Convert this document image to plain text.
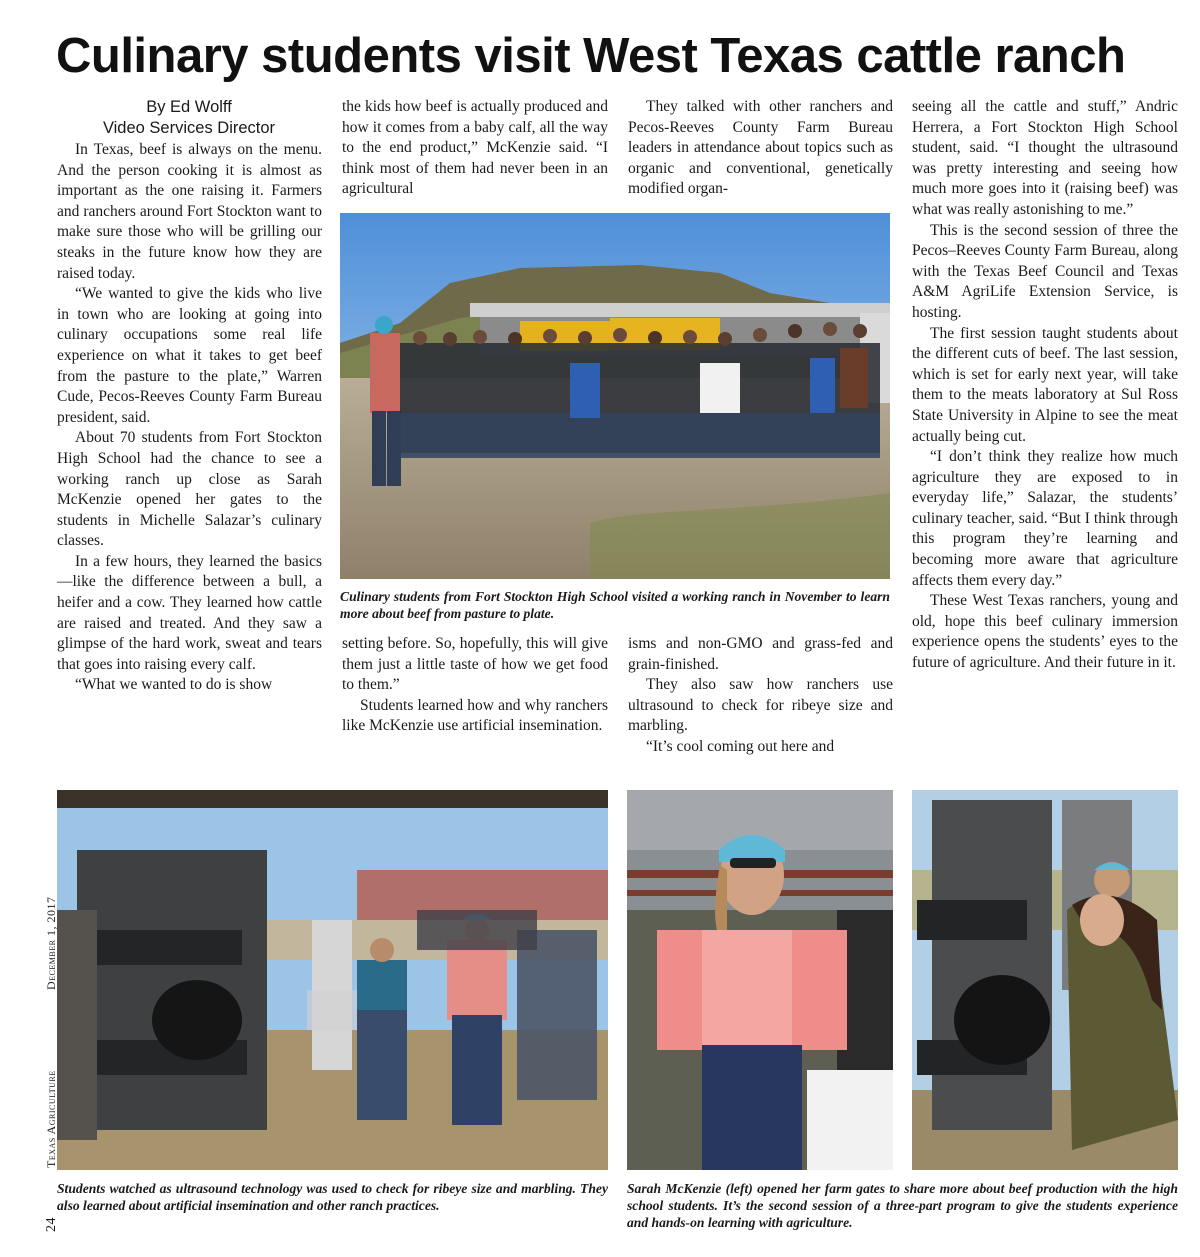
Culinary students visit West Texas cattle ranch
By Ed Wolff
Video Services Director

In Texas, beef is always on the menu. And the person cooking it is almost as important as the one raising it. Farmers and ranchers around Fort Stockton want to make sure those who will be grilling our steaks in the future know how they are raised today.

“We wanted to give the kids who live in town who are looking at going into culinary occupations some real life experience on what it takes to get beef from the pasture to the plate,” Warren Cude, Pecos-Reeves County Farm Bureau president, said.

About 70 students from Fort Stockton High School had the chance to see a working ranch up close as Sarah McKenzie opened her gates to the students in Michelle Salazar’s culinary classes.

In a few hours, they learned the basics—like the difference between a bull, a heifer and a cow. They learned how cattle are raised and treated. And they saw a glimpse of the hard work, sweat and tears that goes into raising every calf.

“What we wanted to do is show

the kids how beef is actually produced and how it comes from a baby calf, all the way to the end product,” McKenzie said. “I think most of them had never been in an agricultural

They talked with other ranchers and Pecos-Reeves County Farm Bureau leaders in attendance about topics such as organic and conventional, genetically modified organ-

seeing all the cattle and stuff,” Andric Herrera, a Fort Stockton High School student, said. “I thought the ultrasound was pretty interesting and seeing how much more goes into it (raising beef) was what was really astonishing to me.”

This is the second session of three the Pecos–Reeves County Farm Bureau, along with the Texas Beef Council and Texas A&M AgriLife Extension Service, is hosting.

The first session taught students about the different cuts of beef. The last session, which is set for early next year, will take them to the meats laboratory at Sul Ross State University in Alpine to see the meat actually being cut.

“I don’t think they realize how much agriculture they are exposed to in everyday life,” Salazar, the students’ culinary teacher, said. “But I think through this program they’re learning and becoming more aware that agriculture affects them every day.”

These West Texas ranchers, young and old, hope this beef culinary immersion experience opens the students’ eyes to the future of agriculture. And their future in it.

Culinary students from Fort Stockton High School visited a working ranch in November to learn more about beef from pasture to plate.

setting before. So, hopefully, this will give them just a little taste of how we get food to them.”

Students learned how and why ranchers like McKenzie use artificial insemination.

isms and non-GMO and grass-fed and grain-finished.

They also saw how ranchers use ultrasound to check for ribeye size and marbling.

“It’s cool coming out here and

Students watched as ultrasound technology was used to check for ribeye size and marbling. They also learned about artificial insemination and other ranch practices.
Sarah McKenzie (left) opened her farm gates to share more about beef production with the high school students. It’s the second session of a three-part program to give the students experience and hands-on learning with agriculture.
24
Texas Agriculture
December 1, 2017
